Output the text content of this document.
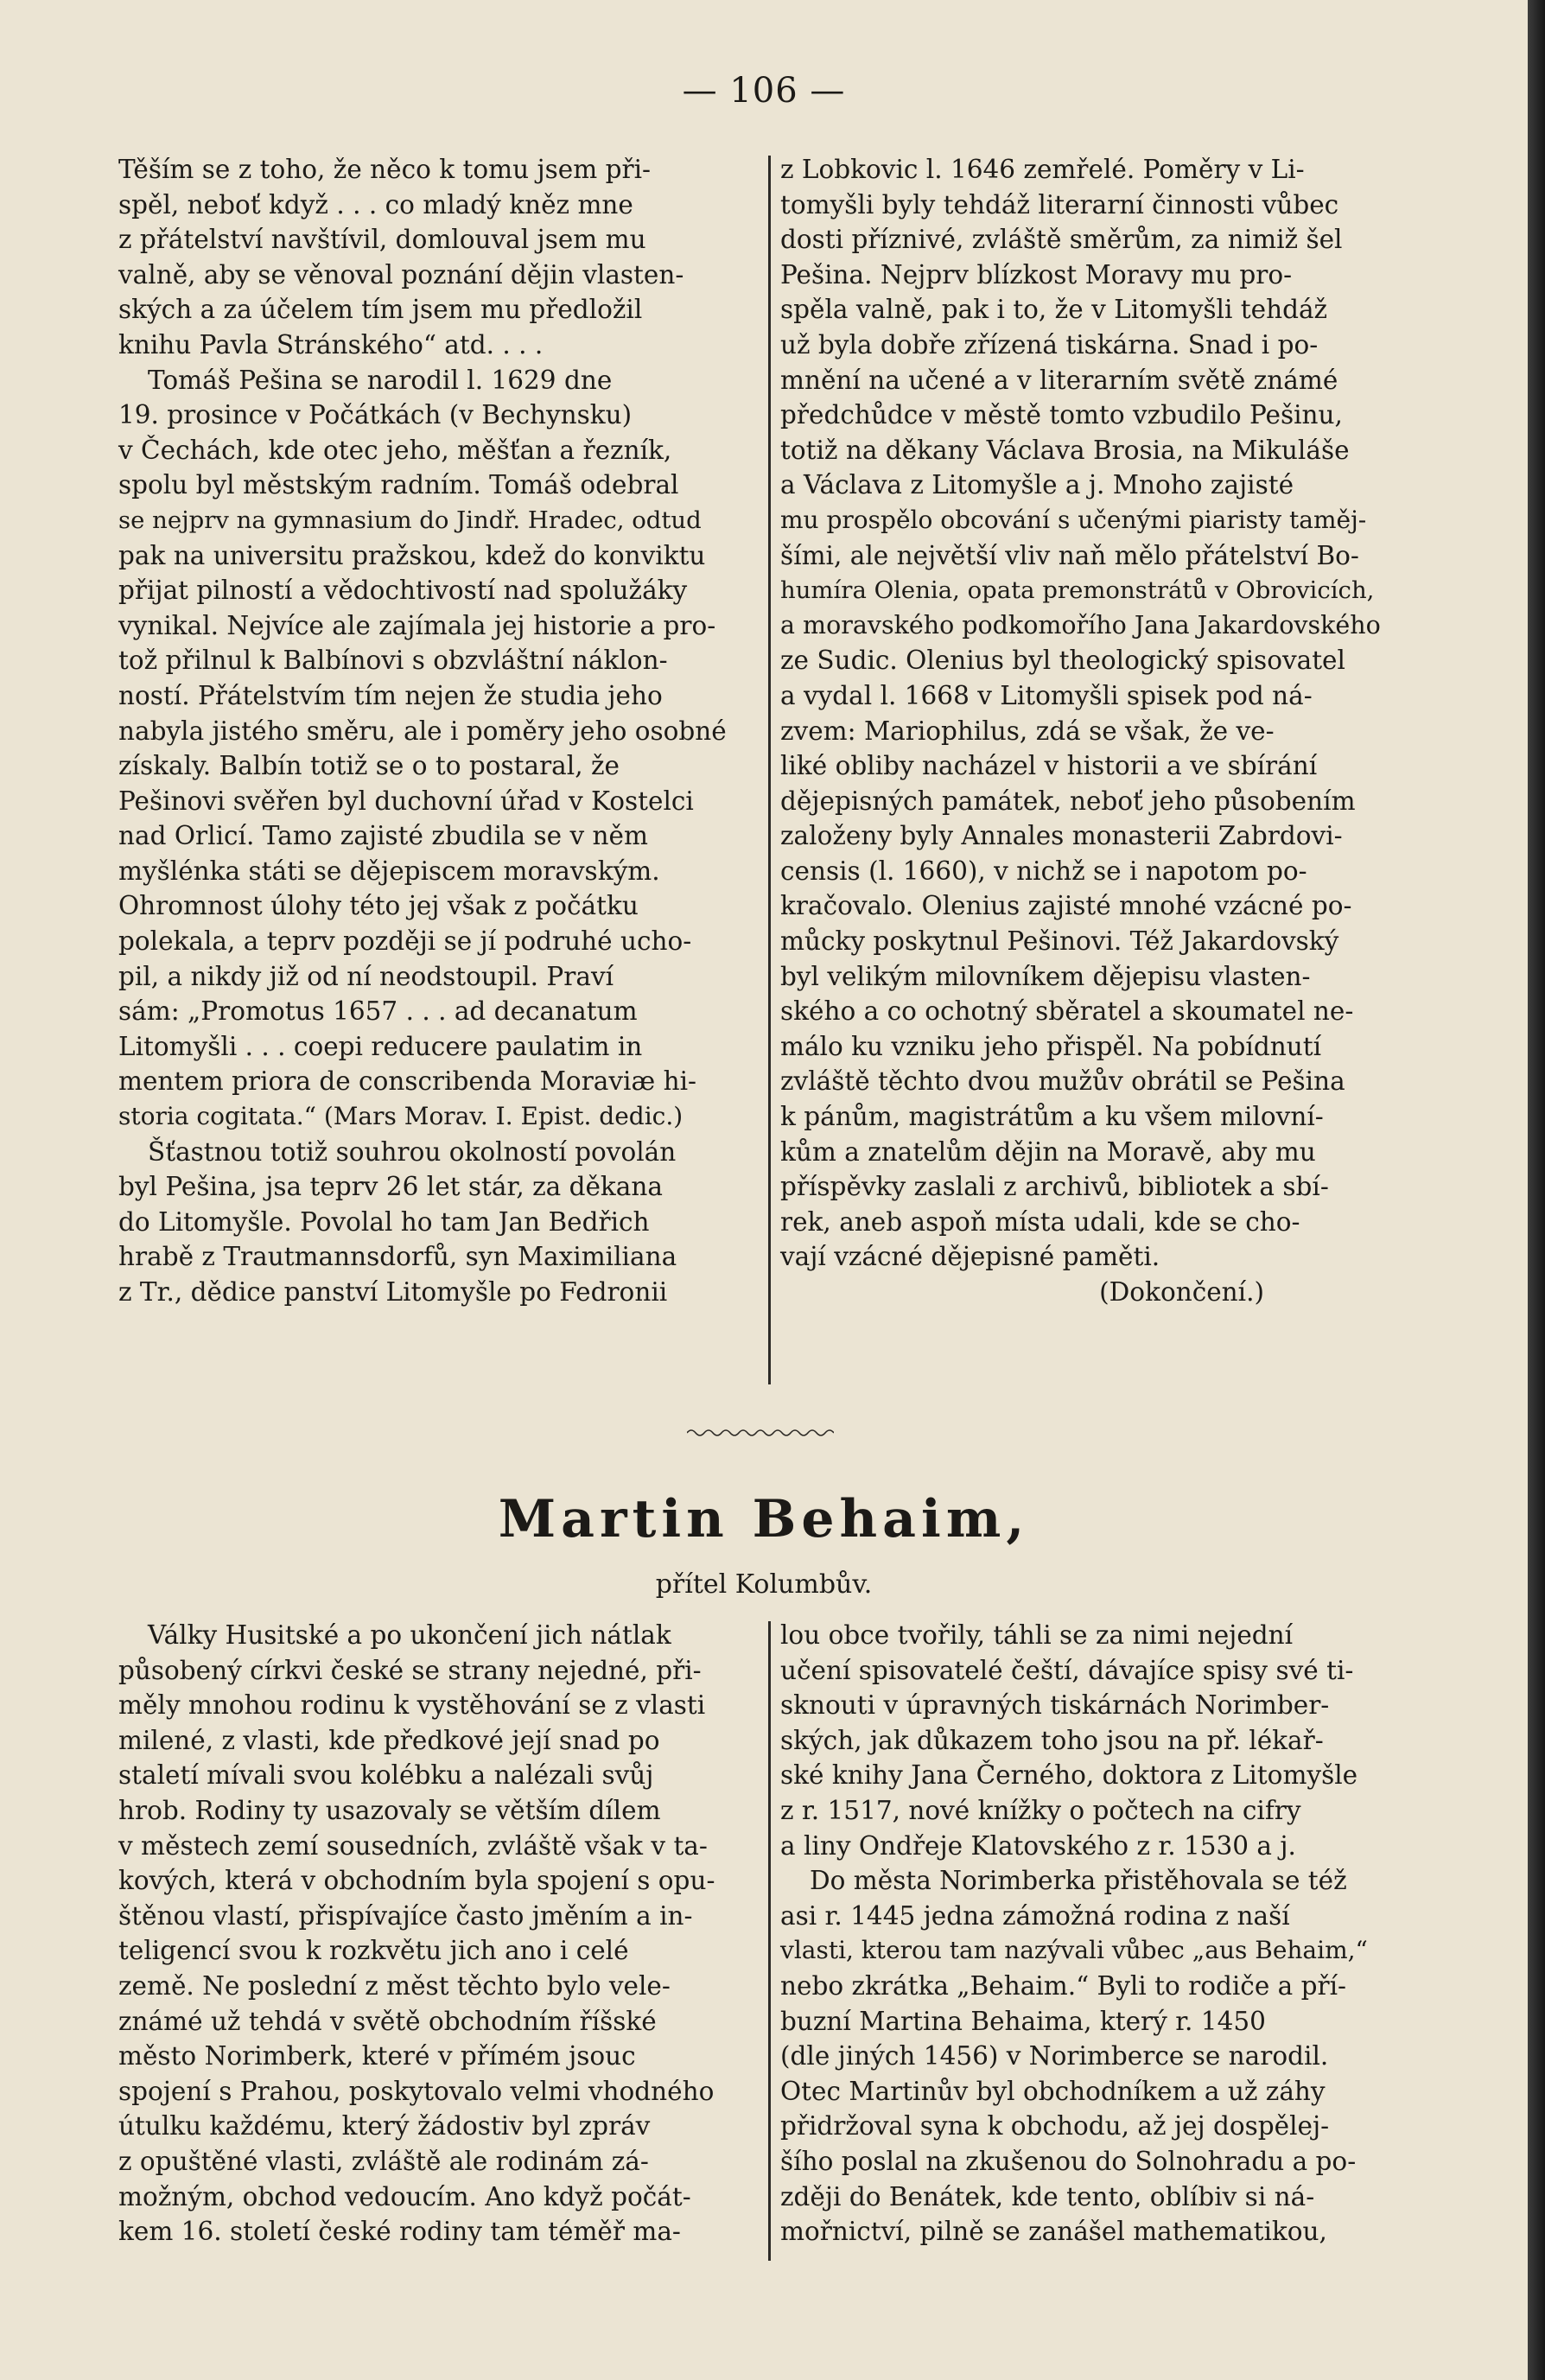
— 106 —
Těším se z toho, že něco k tomu jsem při-
spěl, neboť když . . . co mladý kněz mne
z přátelství navštívil, domlouval jsem mu
valně, aby se věnoval poznání dějin vlasten-
ských a za účelem tím jsem mu předložil
knihu Pavla Stránského“ atd. . . .
Tomáš Pešina se narodil l. 1629 dne
19. prosince v Počátkách (v Bechynsku)
v Čechách, kde otec jeho, měšťan a řezník,
spolu byl městským radním. Tomáš odebral
se nejprv na gymnasium do Jindř. Hradec, odtud
pak na universitu pražskou, kdež do konviktu
přijat pilností a vědochtivostí nad spolužáky
vynikal. Nejvíce ale zajímala jej historie a pro-
tož přilnul k Balbínovi s obzvláštní náklon-
ností. Přátelstvím tím nejen že studia jeho
nabyla jistého směru, ale i poměry jeho osobné
získaly. Balbín totiž se o to postaral, že
Pešinovi svěřen byl duchovní úřad v Kostelci
nad Orlicí. Tamo zajisté zbudila se v něm
myšlénka státi se dějepiscem moravským.
Ohromnost úlohy této jej však z počátku
polekala, a teprv později se jí podruhé ucho-
pil, a nikdy již od ní neodstoupil. Praví
sám: „Promotus 1657 . . . ad decanatum
Litomyšli . . . coepi reducere paulatim in
mentem priora de conscribenda Moraviæ hi-
storia cogitata.“ (Mars Morav. I. Epist. dedic.)
Šťastnou totiž souhrou okolností povolán
byl Pešina, jsa teprv 26 let stár, za děkana
do Litomyšle. Povolal ho tam Jan Bedřich
hrabě z Trautmannsdorfů, syn Maximiliana
z Tr., dědice panství Litomyšle po Fedronii
z Lobkovic l. 1646 zemřelé. Poměry v Li-
tomyšli byly tehdáž literarní činnosti vůbec
dosti příznivé, zvláště směrům, za nimiž šel
Pešina. Nejprv blízkost Moravy mu pro-
spěla valně, pak i to, že v Litomyšli tehdáž
už byla dobře zřízená tiskárna. Snad i po-
mnění na učené a v literarním světě známé
předchůdce v městě tomto vzbudilo Pešinu,
totiž na děkany Václava Brosia, na Mikuláše
a Václava z Litomyšle a j. Mnoho zajisté
mu prospělo obcování s učenými piaristy taměj-
šími, ale největší vliv naň mělo přátelství Bo-
humíra Olenia, opata premonstrátů v Obrovicích,
a moravského podkomořího Jana Jakardovského
ze Sudic. Olenius byl theologický spisovatel
a vydal l. 1668 v Litomyšli spisek pod ná-
zvem: Mariophilus, zdá se však, že ve-
liké obliby nacházel v historii a ve sbírání
dějepisných památek, neboť jeho působením
založeny byly Annales monasterii Zabrdovi-
censis (l. 1660), v nichž se i napotom po-
kračovalo. Olenius zajisté mnohé vzácné po-
můcky poskytnul Pešinovi. Též Jakardovský
byl velikým milovníkem dějepisu vlasten-
ského a co ochotný sběratel a skoumatel ne-
málo ku vzniku jeho přispěl. Na pobídnutí
zvláště těchto dvou mužův obrátil se Pešina
k pánům, magistrátům a ku všem milovní-
kům a znatelům dějin na Moravě, aby mu
příspěvky zaslali z archivů, bibliotek a sbí-
rek, aneb aspoň místa udali, kde se cho-
vají vzácné dějepisné paměti.
(Dokončení.)
Martin Behaim,
přítel Kolumbův.
Války Husitské a po ukončení jich nátlak
působený církvi české se strany nejedné, při-
měly mnohou rodinu k vystěhování se z vlasti
milené, z vlasti, kde předkové její snad po
staletí mívali svou kolébku a nalézali svůj
hrob. Rodiny ty usazovaly se větším dílem
v městech zemí sousedních, zvláště však v ta-
kových, která v obchodním byla spojení s opu-
štěnou vlastí, přispívajíce často jměním a in-
teligencí svou k rozkvětu jich ano i celé
země. Ne poslední z měst těchto bylo vele-
známé už tehdá v světě obchodním říšské
město Norimberk, které v přímém jsouc
spojení s Prahou, poskytovalo velmi vhodného
útulku každému, který žádostiv byl zpráv
z opuštěné vlasti, zvláště ale rodinám zá-
možným, obchod vedoucím. Ano když počát-
kem 16. století české rodiny tam téměř ma-
lou obce tvořily, táhli se za nimi nejední
učení spisovatelé čeští, dávajíce spisy své ti-
sknouti v úpravných tiskárnách Norimber-
ských, jak důkazem toho jsou na př. lékař-
ské knihy Jana Černého, doktora z Litomyšle
z r. 1517, nové knížky o počtech na cifry
a liny Ondřeje Klatovského z r. 1530 a j.
Do města Norimberka přistěhovala se též
asi r. 1445 jedna zámožná rodina z naší
vlasti, kterou tam nazývali vůbec „aus Behaim,“
nebo zkrátka „Behaim.“ Byli to rodiče a pří-
buzní Martina Behaima, který r. 1450
(dle jiných 1456) v Norimberce se narodil.
Otec Martinův byl obchodníkem a už záhy
přidržoval syna k obchodu, až jej dospělej-
šího poslal na zkušenou do Solnohradu a po-
zději do Benátek, kde tento, oblíbiv si ná-
mořnictví, pilně se zanášel mathematikou,
